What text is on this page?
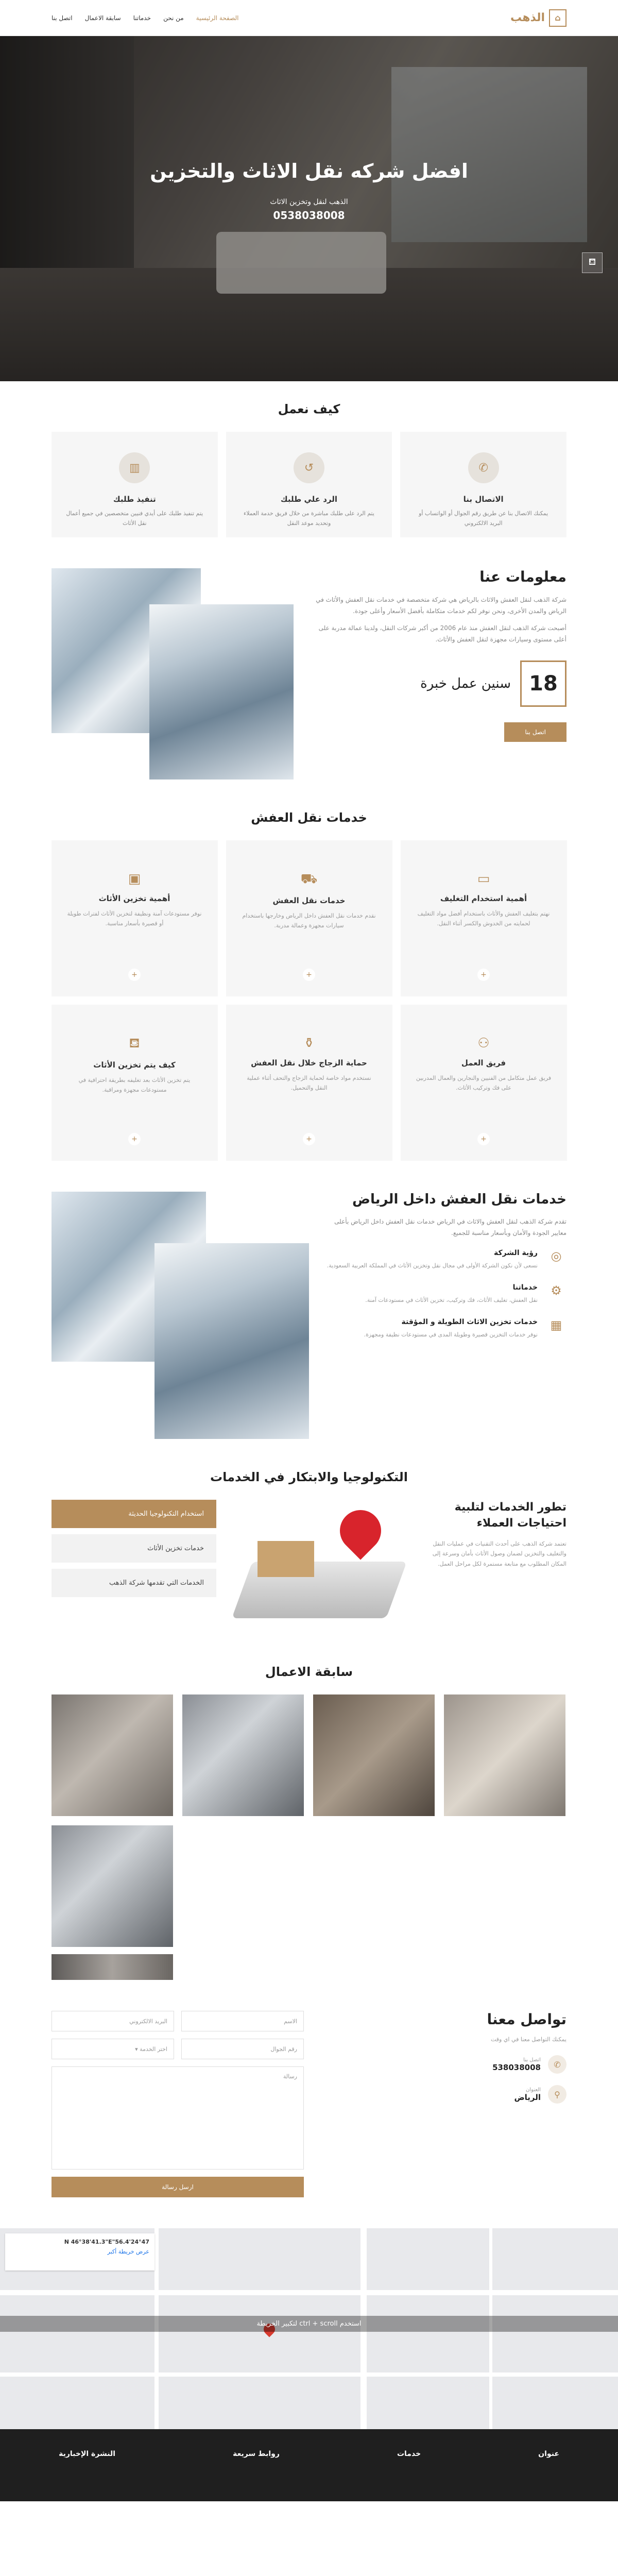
⌂
الذهب
الصفحة الرئيسية
من نحن
خدماتنا
سابقة الاعمال
اتصل بنا
افضل شركه نقل الاثاث والتخزين

الذهب لنقل وتخزين الاثاث

0538038008
⛾
كيف نعمل
✆
الاتصال بنا

يمكنك الاتصال بنا عن طريق رقم الجوال أو الواتساب أو البريد الالكتروني

↺
الرد علي طلبك

يتم الرد على طلبك مباشرة من خلال فريق خدمة العملاء وتحديد موعد النقل

▥
تنفيذ طلبك

يتم تنفيذ طلبك على أيدي فنيين متخصصين في جميع أعمال نقل الأثاث

معلومات عنا

شركة الذهب لنقل العفش والاثاث بالرياض هي شركة متخصصة في خدمات نقل العفش والأثاث في الرياض والمدن الأخرى، ونحن نوفر لكم خدمات متكاملة بأفضل الأسعار وأعلى جودة.

أصبحت شركة الذهب لنقل العفش منذ عام 2006 من أكبر شركات النقل، ولدينا عمالة مدربة على أعلى مستوى وسيارات مجهزة لنقل العفش والأثاث.

18
سنين عمل خبرة
اتصل بنا
خدمات نقل العفش
▭
أهمية استخدام التغليف

نهتم بتغليف العفش والأثاث باستخدام أفضل مواد التغليف لحمايته من الخدوش والكسر أثناء النقل.

+
⛟
خدمات نقل العفش

نقدم خدمات نقل العفش داخل الرياض وخارجها باستخدام سيارات مجهزة وعمالة مدربة.

+
▣
أهمية تخزين الأثاث

نوفر مستودعات آمنة ونظيفة لتخزين الأثاث لفترات طويلة أو قصيرة بأسعار مناسبة.

+
⚇
فريق العمل

فريق عمل متكامل من الفنيين والنجارين والعمال المدربين على فك وتركيب الأثاث.

+
⚱
حماية الزجاج خلال نقل العفش

نستخدم مواد خاصة لحماية الزجاج والتحف أثناء عملية النقل والتحميل.

+
⛾
كيف يتم تخزين الأثاث

يتم تخزين الأثاث بعد تغليفه بطريقة احترافية في مستودعات مجهزة ومراقبة.

+
خدمات نقل العفش داخل الرياض

تقدم شركة الذهب لنقل العفش والاثاث في الرياض خدمات نقل العفش داخل الرياض بأعلى معايير الجودة والأمان وبأسعار مناسبة للجميع.

◎
رؤية الشركة

نسعى لأن نكون الشركة الأولى في مجال نقل وتخزين الأثاث في المملكة العربية السعودية.

⚙
خدماتنا

نقل العفش، تغليف الأثاث، فك وتركيب، تخزين الأثاث في مستودعات آمنة.

▦
خدمات تخزين الاثاث الطويلة و المؤقتة

نوفر خدمات التخزين قصيرة وطويلة المدى في مستودعات نظيفة ومجهزة.

التكنولوجيا والابتكار في الخدمات
تطور الخدمات لتلبية احتياجات العملاء

تعتمد شركة الذهب على أحدث التقنيات في عمليات النقل والتغليف والتخزين لضمان وصول الأثاث بأمان وسرعة إلى المكان المطلوب مع متابعة مستمرة لكل مراحل العمل.

استخدام التكنولوجيا الحديثة
خدمات تخزين الأثاث
الخدمات التي تقدمها شركة الذهب
سابقة الاعمال
تواصل معنا

يمكنك التواصل معنا في اي وقت

✆
اتصل بنا
538038008
⚲
العنوان
الرياض
الاسم
البريد الالكتروني
رقم الجوال
اختر الخدمة

▾
رسالة
ارسل رسالة
استخدم ctrl + scroll لتكبير الخريطة
24°47'56.4"N 46°38'41.3"E
عرض خريطة أكبر
عنوان
خدمات
روابط سريعة
النشرة الإخبارية
